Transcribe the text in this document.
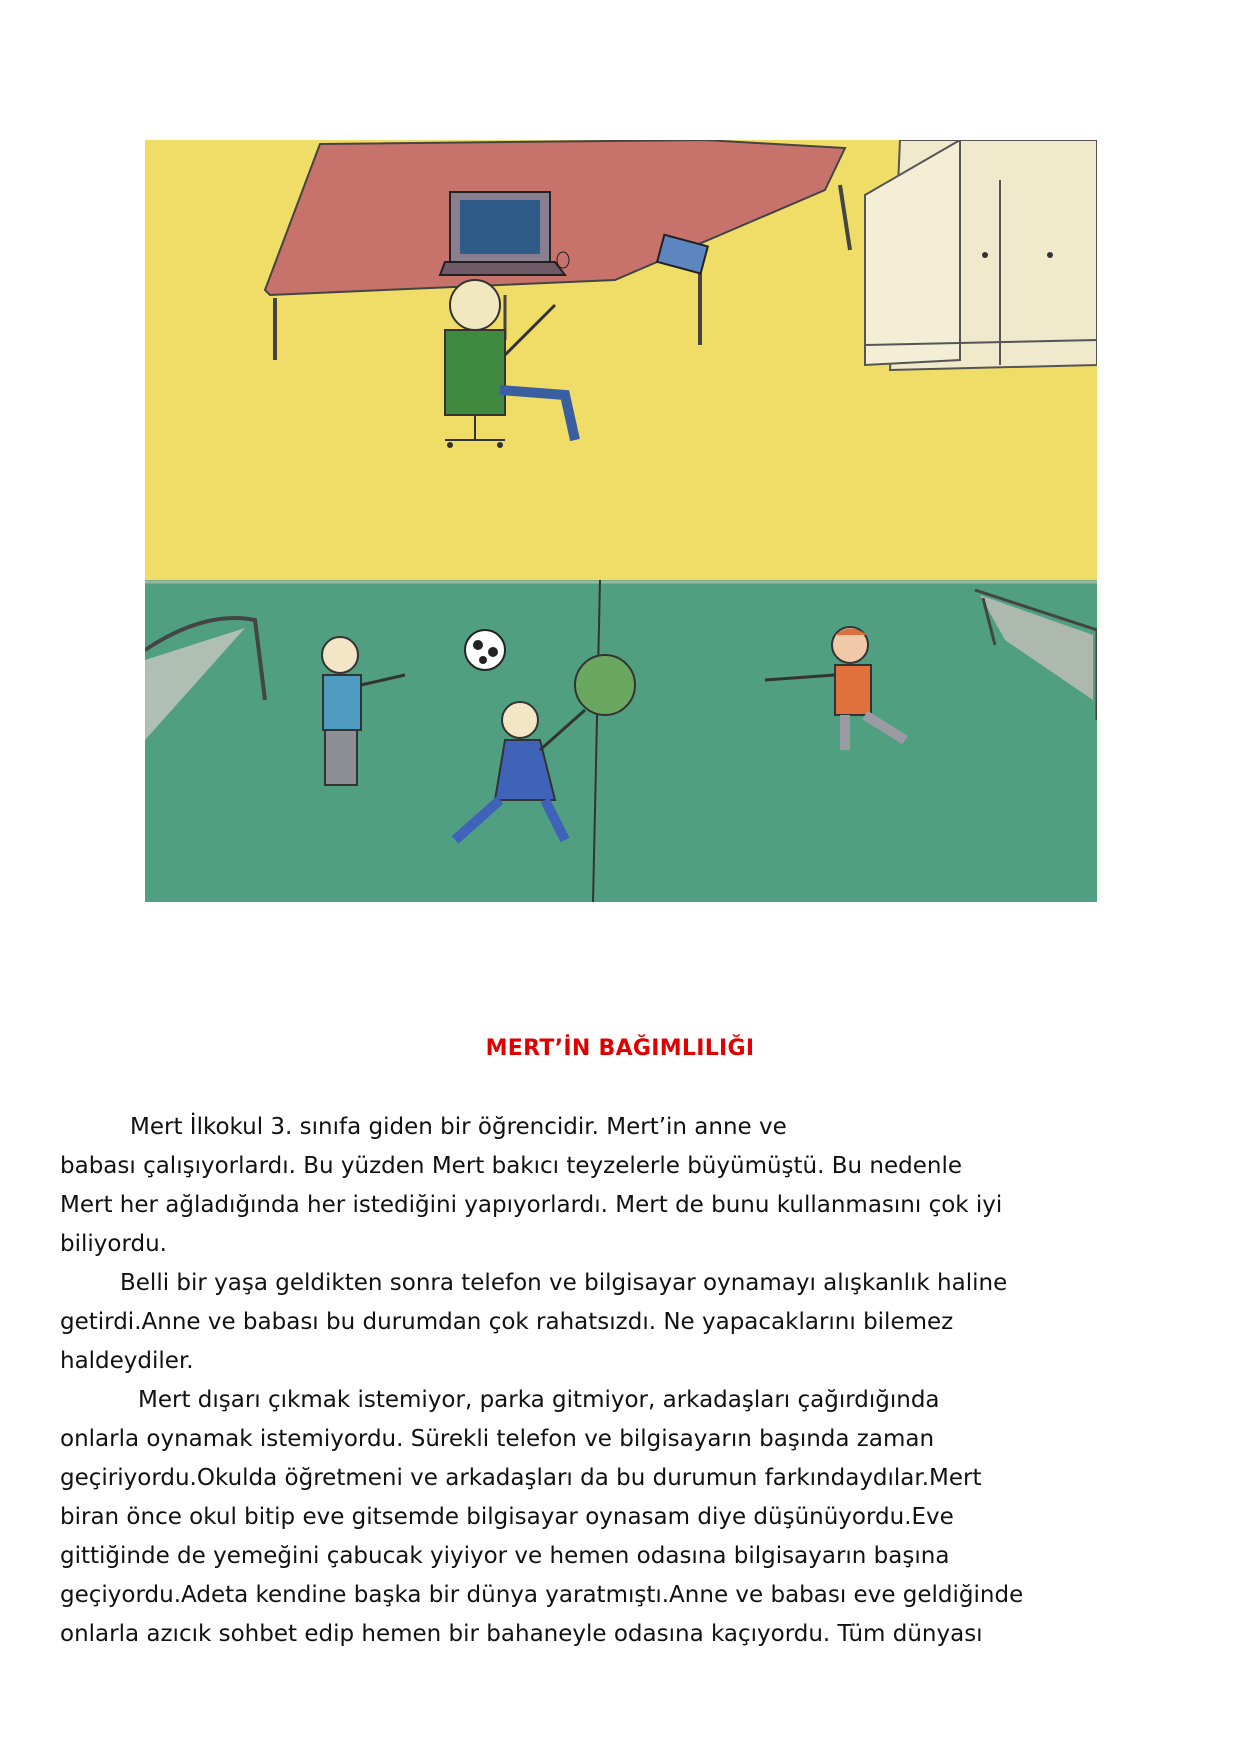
MERT’İN BAĞIMLILIĞI
Mert İlkokul 3. sınıfa giden bir öğrencidir. Mert’in anne ve
babası çalışıyorlardı. Bu yüzden Mert bakıcı teyzelerle büyümüştü. Bu nedenle
Mert her ağladığında her istediğini yapıyorlardı. Mert de bunu kullanmasını çok iyi
biliyordu.
Belli bir yaşa geldikten sonra telefon ve bilgisayar oynamayı alışkanlık haline
getirdi.Anne ve babası bu durumdan çok rahatsızdı. Ne yapacaklarını bilemez
haldeydiler.
Mert dışarı çıkmak istemiyor, parka gitmiyor, arkadaşları çağırdığında
onlarla oynamak istemiyordu. Sürekli telefon ve bilgisayarın başında zaman
geçiriyordu.Okulda öğretmeni ve arkadaşları da bu durumun farkındaydılar.Mert
biran önce okul bitip eve gitsemde bilgisayar oynasam diye düşünüyordu.Eve
gittiğinde de yemeğini çabucak yiyiyor ve hemen odasına bilgisayarın başına
geçiyordu.Adeta kendine başka bir dünya yaratmıştı.Anne ve babası eve geldiğinde
onlarla azıcık sohbet edip hemen bir bahaneyle odasına kaçıyordu. Tüm dünyası
